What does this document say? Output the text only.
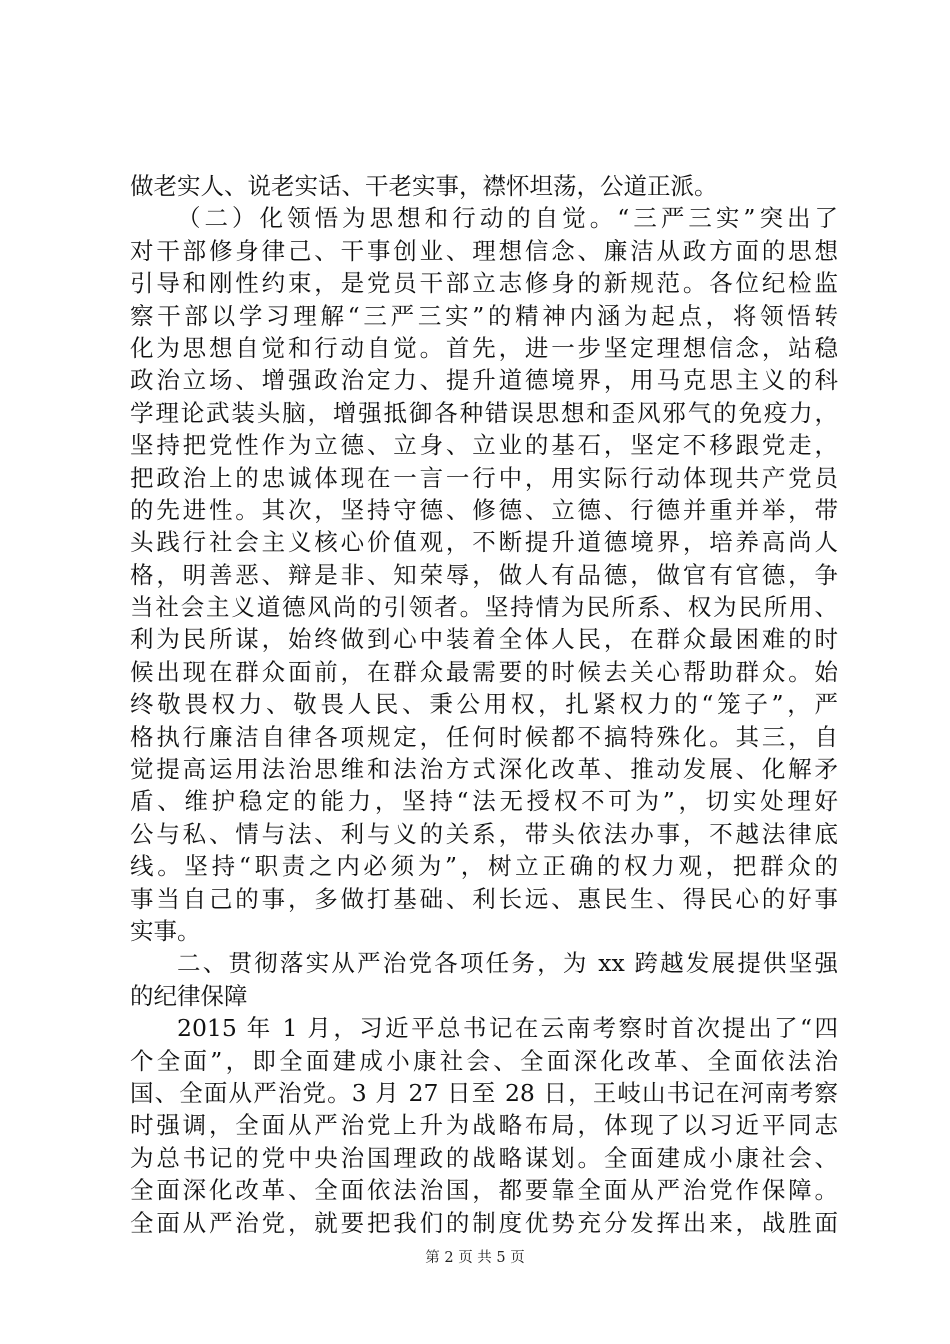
做老实人、说老实话、干老实事，襟怀坦荡，公道正派。
（二）化领悟为思想和行动的自觉。“三严三实”突出了
对干部修身律己、干事创业、理想信念、廉洁从政方面的思想
引导和刚性约束，是党员干部立志修身的新规范。各位纪检监
察干部以学习理解“三严三实”的精神内涵为起点，将领悟转
化为思想自觉和行动自觉。首先，进一步坚定理想信念，站稳
政治立场、增强政治定力、提升道德境界，用马克思主义的科
学理论武装头脑，增强抵御各种错误思想和歪风邪气的免疫力，
坚持把党性作为立德、立身、立业的基石，坚定不移跟党走，
把政治上的忠诚体现在一言一行中，用实际行动体现共产党员
的先进性。其次，坚持守德、修德、立德、行德并重并举，带
头践行社会主义核心价值观，不断提升道德境界，培养高尚人
格，明善恶、辩是非、知荣辱，做人有品德，做官有官德，争
当社会主义道德风尚的引领者。坚持情为民所系、权为民所用、
利为民所谋，始终做到心中装着全体人民，在群众最困难的时
候出现在群众面前，在群众最需要的时候去关心帮助群众。始
终敬畏权力、敬畏人民、秉公用权，扎紧权力的“笼子”，严
格执行廉洁自律各项规定，任何时候都不搞特殊化。其三，自
觉提高运用法治思维和法治方式深化改革、推动发展、化解矛
盾、维护稳定的能力，坚持“法无授权不可为”，切实处理好
公与私、情与法、利与义的关系，带头依法办事，不越法律底
线。坚持“职责之内必须为”，树立正确的权力观，把群众的
事当自己的事，多做打基础、利长远、惠民生、得民心的好事
实事。
二、贯彻落实从严治党各项任务，为 xx 跨越发展提供坚强
的纪律保障
2015 年 1 月，习近平总书记在云南考察时首次提出了“四
个全面”，即全面建成小康社会、全面深化改革、全面依法治
国、全面从严治党。3 月 27 日至 28 日，王岐山书记在河南考察
时强调，全面从严治党上升为战略布局，体现了以习近平同志
为总书记的党中央治国理政的战略谋划。全面建成小康社会、
全面深化改革、全面依法治国，都要靠全面从严治党作保障。
全面从严治党，就要把我们的制度优势充分发挥出来，战胜面
第 2 页 共 5 页
